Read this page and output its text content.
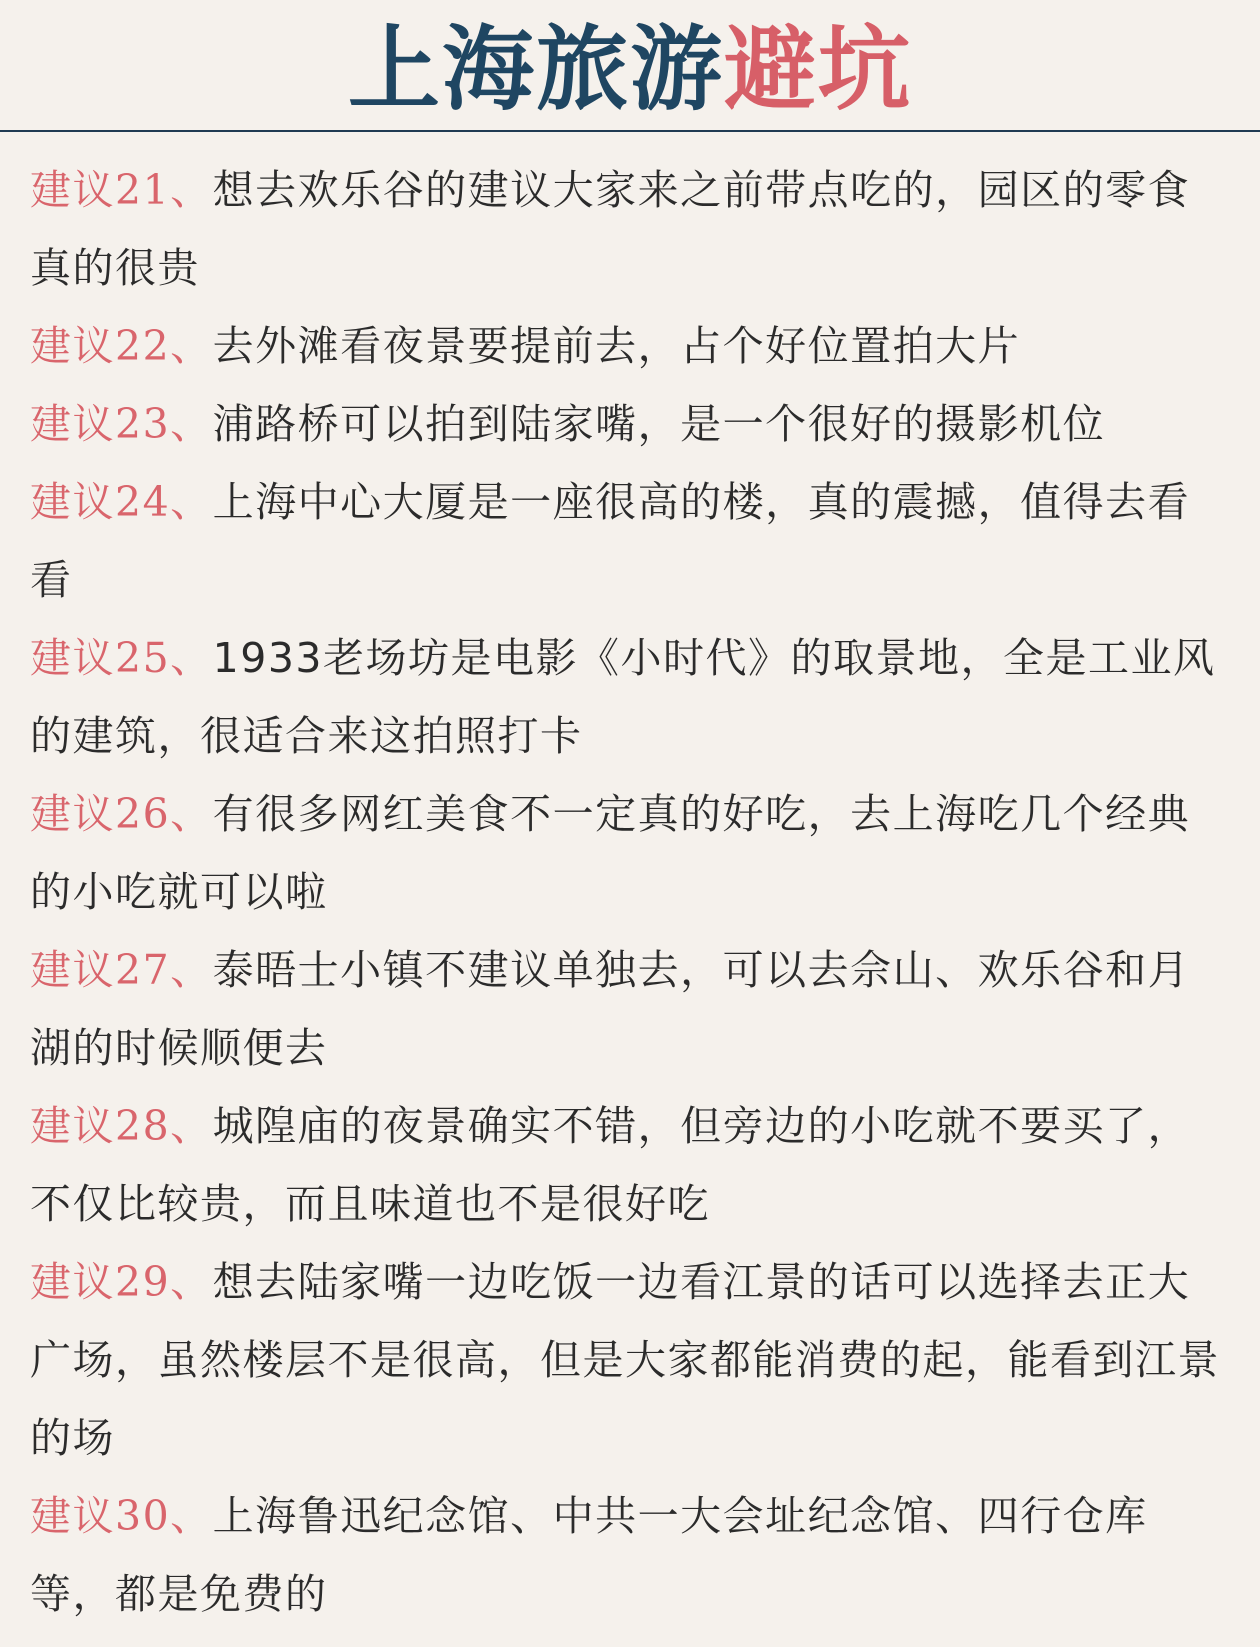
上海旅游避坑
建议21、想去欢乐谷的建议大家来之前带点吃的，园区的零食真的很贵
建议22、去外滩看夜景要提前去，占个好位置拍大片
建议23、浦路桥可以拍到陆家嘴，是一个很好的摄影机位
建议24、上海中心大厦是一座很高的楼，真的震撼，值得去看看
建议25、1933老场坊是电影《小时代》的取景地，全是工业风的建筑，很适合来这拍照打卡
建议26、有很多网红美食不一定真的好吃，去上海吃几个经典的小吃就可以啦
建议27、泰晤士小镇不建议单独去，可以去佘山、欢乐谷和月湖的时候顺便去
建议28、城隍庙的夜景确实不错，但旁边的小吃就不要买了，不仅比较贵，而且味道也不是很好吃
建议29、想去陆家嘴一边吃饭一边看江景的话可以选择去正大广场，虽然楼层不是很高，但是大家都能消费的起，能看到江景的场
建议30、上海鲁迅纪念馆、中共一大会址纪念馆、四行仓库等，都是免费的
